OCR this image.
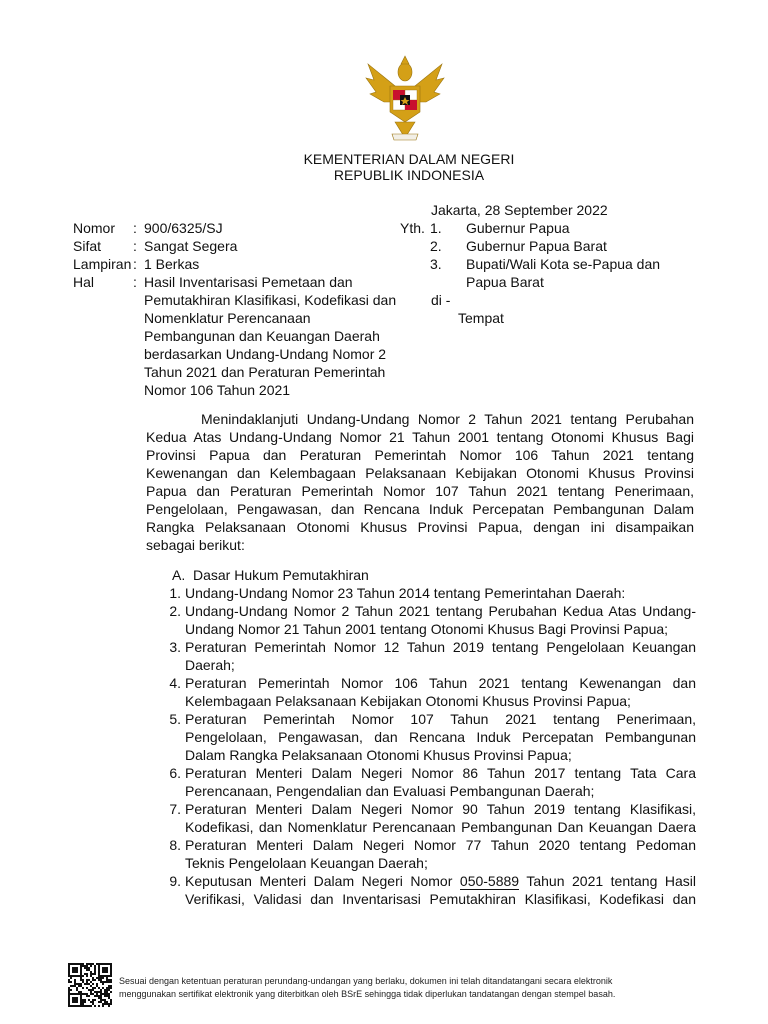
KEMENTERIAN DALAM NEGERI
REPUBLIK INDONESIA
Jakarta, 28 September 2022
Nomor : 900/6325/SJ
Sifat : Sangat Segera
Lampiran : 1 Berkas
Hal	: Hasil Inventarisasi Pemetaan dan
Pemutakhiran Klasifikasi, Kodefikasi dan
Nomenklatur Perencanaan
Pembangunan dan Keuangan Daerah
berdasarkan Undang-Undang Nomor 2
Tahun 2021 dan Peraturan Pemerintah
Nomor 106 Tahun 2021
Yth. 1. Gubernur Papua
2. Gubernur Papua Barat
3. Bupati/Wali Kota se-Papua dan
Papua Barat
di -
Tempat
Menindaklanjuti Undang-Undang Nomor 2 Tahun 2021 tentang Perubahan
Kedua Atas Undang-Undang Nomor 21 Tahun 2001 tentang Otonomi Khusus Bagi
Provinsi Papua dan Peraturan Pemerintah Nomor 106 Tahun 2021 tentang
Kewenangan dan Kelembagaan Pelaksanaan Kebijakan Otonomi Khusus Provinsi
Papua dan Peraturan Pemerintah Nomor 107 Tahun 2021 tentang Penerimaan,
Pengelolaan, Pengawasan, dan Rencana Induk Percepatan Pembangunan Dalam
Rangka Pelaksanaan Otonomi Khusus Provinsi Papua, dengan ini disampaikan
sebagai berikut:
A. Dasar Hukum Pemutakhiran
1. Undang-Undang Nomor 23 Tahun 2014 tentang Pemerintahan Daerah:
2. Undang-Undang Nomor 2 Tahun 2021 tentang Perubahan Kedua Atas Undang-
Undang Nomor 21 Tahun 2001 tentang Otonomi Khusus Bagi Provinsi Papua;
3. Peraturan Pemerintah Nomor 12 Tahun 2019 tentang Pengelolaan Keuangan
Daerah;
4. Peraturan Pemerintah Nomor 106 Tahun 2021 tentang Kewenangan dan
Kelembagaan Pelaksanaan Kebijakan Otonomi Khusus Provinsi Papua;
5. Peraturan Pemerintah Nomor 107 Tahun 2021 tentang Penerimaan,
Pengelolaan, Pengawasan, dan Rencana Induk Percepatan Pembangunan
Dalam Rangka Pelaksanaan Otonomi Khusus Provinsi Papua;
6. Peraturan Menteri Dalam Negeri Nomor 86 Tahun 2017 tentang Tata Cara
Perencanaan, Pengendalian dan Evaluasi Pembangunan Daerah;
7. Peraturan Menteri Dalam Negeri Nomor 90 Tahun 2019 tentang Klasifikasi,
Kodefikasi, dan Nomenklatur Perencanaan Pembangunan Dan Keuangan Daera
8. Peraturan Menteri Dalam Negeri Nomor 77 Tahun 2020 tentang Pedoman
Teknis Pengelolaan Keuangan Daerah;
9. Keputusan Menteri Dalam Negeri Nomor 050-5889 Tahun 2021 tentang Hasil
Verifikasi, Validasi dan Inventarisasi Pemutakhiran Klasifikasi, Kodefikasi dan
Sesuai dengan ketentuan peraturan perundang-undangan yang berlaku, dokumen ini telah ditandatangani secara elektronik
menggunakan sertifikat elektronik yang diterbitkan oleh BSrE sehingga tidak diperlukan tandatangan dengan stempel basah.
